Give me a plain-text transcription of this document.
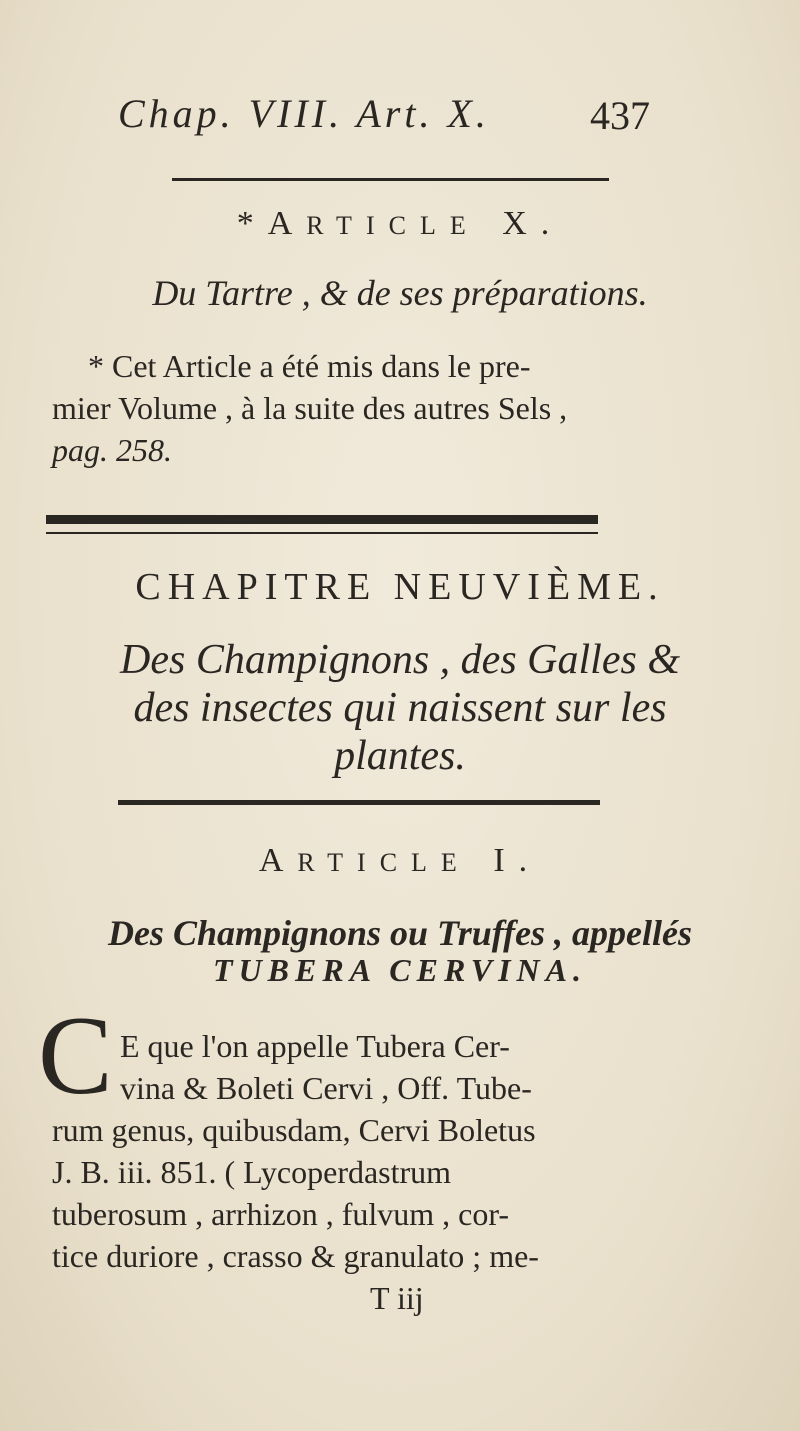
Chap. VIII. Art. X.	437
*ARTICLE X.
Du Tartre , & de ses préparations.
* Cet Article a été mis dans le pre-
mier Volume , à la suite des autres Sels ,
pag. 258.
CHAPITRE NEUVIÈME.
Des Champignons , des Galles &
des insectes qui naissent sur les
plantes.
ARTICLE I.
Des Champignons ou Truffes , appellés
TUBERA CERVINA.
C E que l'on appelle Tubera Cer-
vina & Boleti Cervi , Off. Tube-
rum genus, quibusdam, Cervi Boletus
J. B. iii. 851. ( Lycoperdastrum
tuberosum , arrhizon , fulvum , cor-
tice duriore , crasso & granulato ; me-
T iij
